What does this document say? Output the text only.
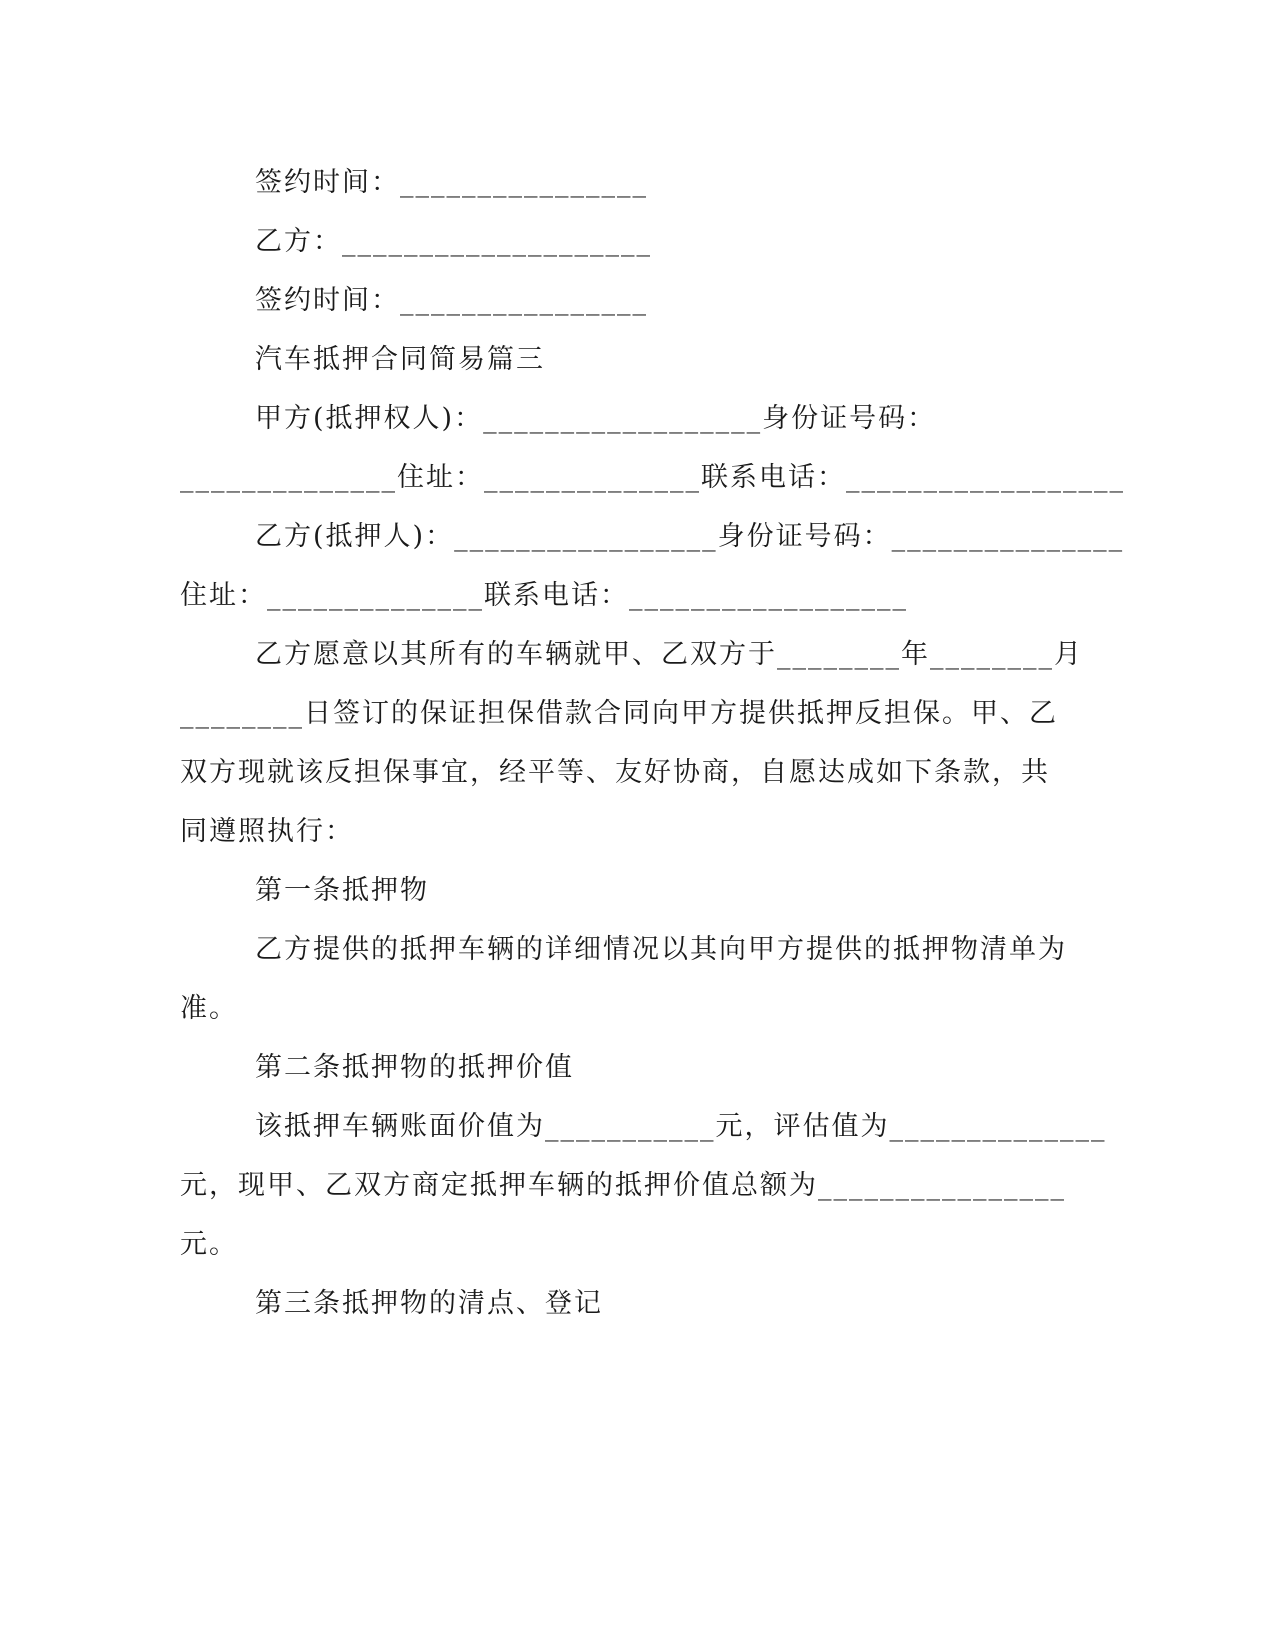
签约时间：________________
乙方：____________________
签约时间：________________
汽车抵押合同简易篇三
甲方(抵押权人)：__________________身份证号码：
______________住址：______________联系电话：__________________
乙方(抵押人)：_________________身份证号码：_______________
住址：______________联系电话：__________________
乙方愿意以其所有的车辆就甲、乙双方于________年________月
________日签订的保证担保借款合同向甲方提供抵押反担保。甲、乙
双方现就该反担保事宜，经平等、友好协商，自愿达成如下条款，共
同遵照执行：
第一条抵押物
乙方提供的抵押车辆的详细情况以其向甲方提供的抵押物清单为
准。
第二条抵押物的抵押价值
该抵押车辆账面价值为___________元，评估值为______________
元，现甲、乙双方商定抵押车辆的抵押价值总额为________________
元。
第三条抵押物的清点、登记
